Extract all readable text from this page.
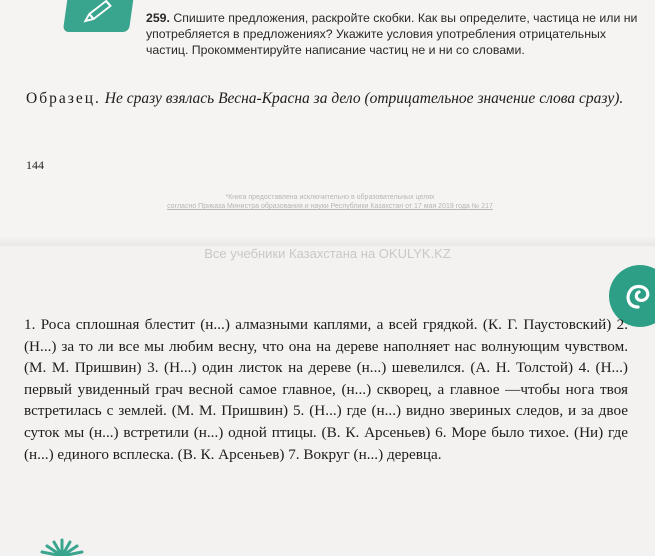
259. Спишите предложения, раскройте скобки. Как вы определите, частица не или ни употребляется в предложениях? Укажите условия употребления отрицательных частиц. Прокомментируйте написание частиц не и ни со словами.
Образец. Не сразу взялась Весна-Красна за дело (отрицательное значение слова сразу).
144
*Книга предоставлена исключительно в образовательных целях
согласно Приказа Министра образования и науки Республики Казахстан от 17 мая 2019 года № 217
Все учебники Казахстана на OKULYK.KZ
1. Роса сплошная блестит (н...) алмазными каплями, а всей грядкой. (К. Г. Паустовский) 2. (Н...) за то ли все мы любим весну, что она на дереве наполняет нас волнующим чувством. (М. М. Пришвин) 3. (Н...) один листок на дереве (н...) шевелился. (А. Н. Толстой) 4. (Н...) первый увиденный грач весной самое главное, (н...) скворец, а главное —чтобы нога твоя встретилась с землей. (М. М. Пришвин) 5. (Н...) где (н...) видно звериных следов, и за двое суток мы (н...) встретили (н...) одной птицы. (В. К. Арсеньев) 6. Море было тихое. (Ни) где (н...) единого всплеска. (В. К. Арсеньев) 7. Вокруг (н...) деревца.
